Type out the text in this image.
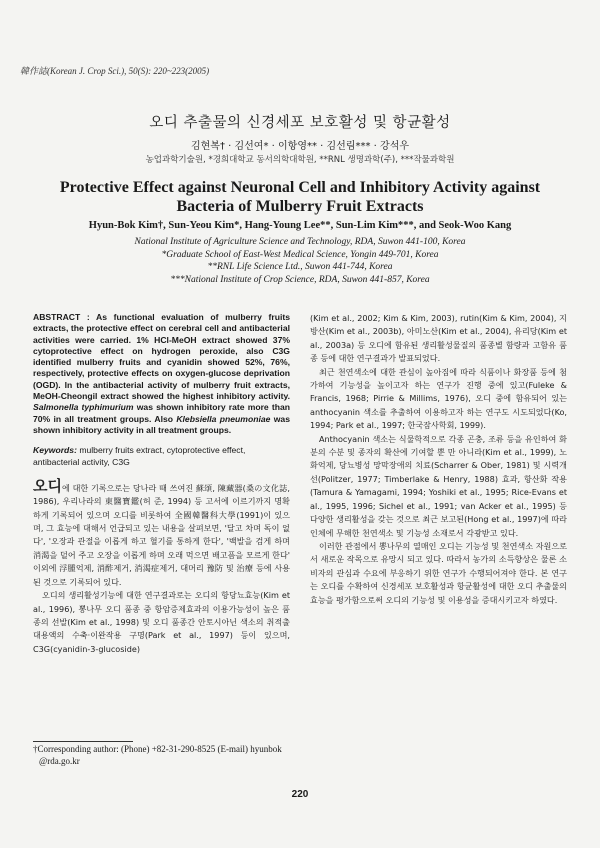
韓作誌(Korean J. Crop Sci.), 50(S): 220~223(2005)
오디 추출물의 신경세포 보호활성 및 항균활성
김현복† · 김선여* · 이항영** · 김선림*** · 강석우
농업과학기술원, *경희대학교 동서의학대학원, **RNL 생명과학(주), ***작물과학원
Protective Effect against Neuronal Cell and Inhibitory Activity against
Bacteria of Mulberry Fruit Extracts
Hyun-Bok Kim†, Sun-Yeou Kim*, Hang-Young Lee**, Sun-Lim Kim***, and Seok-Woo Kang
National Institute of Agriculture Science and Technology, RDA, Suwon 441-100, Korea
*Graduate School of East-West Medical Science, Yongin 449-701, Korea
**RNL Life Science Ltd., Suwon 441-744, Korea
***National Institute of Crop Science, RDA, Suwon 441-857, Korea

ABSTRACT : As functional evaluation of mulberry fruits extracts, the protective effect on cerebral cell and antibacterial activities were carried. 1% HCl-MeOH extract showed 37% cytoprotective effect on hydrogen peroxide, also C3G identified mulberry fruits and cyanidin showed 52%, 76%, respectively, protective effects on oxygen-glucose deprivation (OGD). In the antibacterial activity of mulberry fruit extracts, MeOH-Cheongil extract showed the highest inhibitory activity. Salmonella typhimurium was shown inhibitory rate more than 70% in all treatment groups. Also Klebsiella pneumoniae was shown inhibitory activity in all treatment groups.

Keywords: mulberry fruits extract, cytoprotective effect, antibacterial activity, C3G

오디에 대한 기록으로는 당나라 때 쓰여진 蘇頌, 陳藏器(桑の文化誌, 1986), 우리나라의 東醫寶鑑(허 준, 1994) 등 고서에 이르기까지 명확하게 기록되어 있으며 오디를 비롯하여 全國韓醫科大學(1991)이 있으며, 그 효능에 대해서 언급되고 있는 내용을 살펴보면, '달고 차며 독이 없다', '오장과 관절을 이롭게 하고 혈기를 통하게 한다', '백발을 검게 하며 消渴을 덜어 주고 오장을 이롭게 하며 오래 먹으면 배고픔을 모르게 한다' 이외에 浮腫억제, 消酢제거, 消渴症제거, 대머리 豫防 및 治療 등에 사용된 것으로 기록되어 있다.

오디의 생리활성기능에 대한 연구결과로는 오디의 항당뇨효능(Kim et al., 1996), 뽕나무 오디 품종 중 항암증제효과의 이용가능성이 높은 품종의 선발(Kim et al., 1998) 및 오디 품종간 안토시아닌 색소의 취적출 대용액의 수축·이완작용 구명(Park et al., 1997) 등이 있으며, C3G(cyanidin-3-glucoside)

(Kim et al., 2002; Kim & Kim, 2003), rutin(Kim & Kim, 2004), 지방산(Kim et al., 2003b), 아미노산(Kim et al., 2004), 유리당(Kim et al., 2003a) 등 오디에 함유된 생리활성물질의 품종별 함량과 고함유 품종 등에 대한 연구결과가 발표되었다.

최근 천연색소에 대한 관심이 높아짐에 따라 식품이나 화장품 등에 첨가하여 기능성을 높이고자 하는 연구가 진행 중에 있고(Fuleke & Francis, 1968; Pirrie & Millims, 1976), 오디 중에 함유되어 있는 anthocyanin 색소를 추출하여 이용하고자 하는 연구도 시도되었다(Ko, 1994; Park et al., 1997; 한국잠사학회, 1999).

Anthocyanin 색소는 식물학적으로 각종 곤충, 조류 등을 유인하여 화분의 수분 및 종자의 확산에 기여할 뿐 만 아니라(Kim et al., 1999), 노화억제, 당뇨병성 망막장애의 치료(Scharrer & Ober, 1981) 및 시력개선(Politzer, 1977; Timberlake & Henry, 1988) 효과, 항산화 작용(Tamura & Yamagami, 1994; Yoshiki et al., 1995; Rice-Evans et al., 1995, 1996; Sichel et al., 1991; van Acker et al., 1995) 등 다양한 생리활성을 갖는 것으로 최근 보고된(Hong et al., 1997)에 따라 인체에 무해한 천연색소 및 기능성 소재로서 각광받고 있다.

이러한 관점에서 뽕나무의 열매인 오디는 기능성 및 천연색소 자원으로서 새로운 작목으로 유망시 되고 있다. 따라서 농가의 소득향상은 물론 소비자의 관심과 수요에 부응하기 위한 연구가 수행되어져야 한다. 본 연구는 오디를 수확하여 신경세포 보호활성과 항균활성에 대한 오디 추출물의 효능을 평가함으로써 오디의 기능성 및 이용성을 증대시키고자 하였다.

†Corresponding author: (Phone) +82-31-290-8525 (E-mail) hyunbok
@rda.go.kr
220
